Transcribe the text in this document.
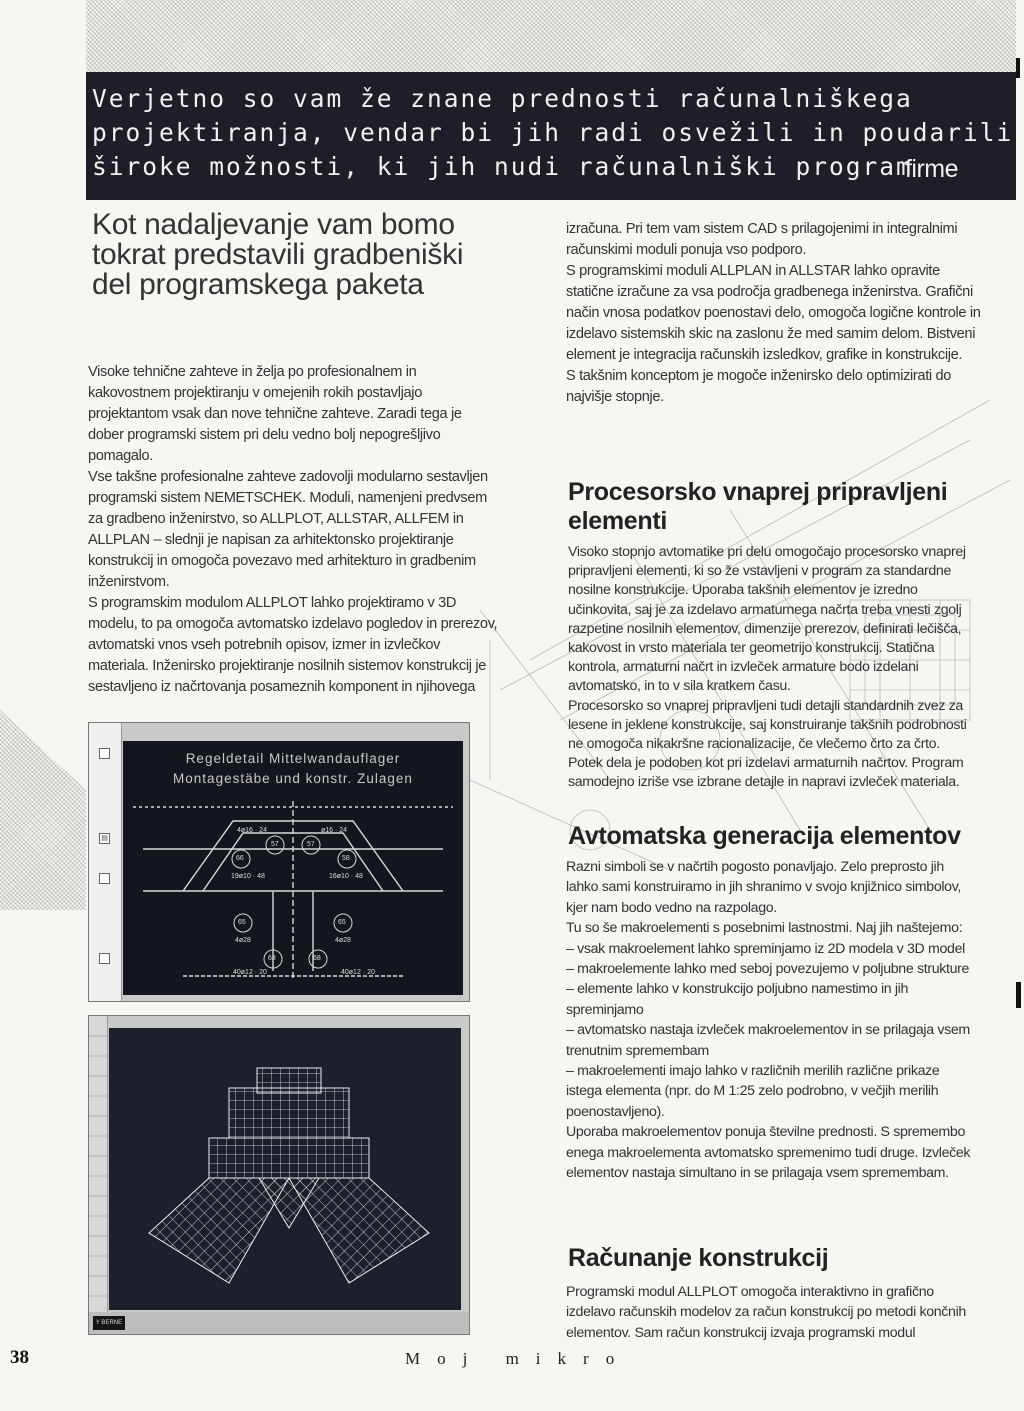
Verjetno so vam že znane prednosti računalniškega
projektiranja, vendar bi jih radi osvežili in poudarili
široke možnosti, ki jih nudi računalniški program
firme
Kot nadaljevanje vam bomo tokrat predstavili gradbeniški del programskega paketa

Visoke tehnične zahteve in želja po profesionalnem in kakovostnem projektiranju v omejenih rokih postavljajo projektantom vsak dan nove tehnične zahteve. Zaradi tega je dober programski sistem pri delu vedno bolj nepogrešljivo pomagalo.

Vse takšne profesionalne zahteve zadovolji modularno sestavljen programski sistem NEMETSCHEK. Moduli, namenjeni predvsem za gradbeno inženirstvo, so ALLPLOT, ALLSTAR, ALLFEM in ALLPLAN – slednji je napisan za arhitektonsko projektiranje konstrukcij in omogoča povezavo med arhitekturo in gradbenim inženirstvom.

S programskim modulom ALLPLOT lahko projektiramo v 3D modelu, to pa omogoča avtomatsko izdelavo pogledov in prerezov, avtomatski vnos vseh potrebnih opisov, izmer in izvlečkov materiala. Inženirsko projektiranje nosilnih sistemov konstrukcij je sestavljeno iz načrtovanja posameznih komponent in njihovega

izračuna. Pri tem vam sistem CAD s prilagojenimi in integralnimi računskimi moduli ponuja vso podporo.

S programskimi moduli ALLPLAN in ALLSTAR lahko opravite statične izračune za vsa področja gradbenega inženirstva. Grafični način vnosa podatkov poenostavi delo, omogoča logične kontrole in izdelavo sistemskih skic na zaslonu že med samim delom. Bistveni element je integracija računskih izsledkov, grafike in konstrukcije.

S takšnim konceptom je mogoče inženirsko delo optimizirati do najvišje stopnje.

Procesorsko vnaprej pripravljeni elementi

Visoko stopnjo avtomatike pri delu omogočajo procesorsko vnaprej pripravljeni elementi, ki so že vstavljeni v program za standardne nosilne konstrukcije. Uporaba takšnih elementov je izredno učinkovita, saj je za izdelavo armaturnega načrta treba vnesti zgolj razpetine nosilnih elementov, dimenzije prerezov, definirati lečišča, kakovost in vrsto materiala ter geometrijo konstrukcij. Statična kontrola, armaturni načrt in izvleček armature bodo izdelani avtomatsko, in to v sila kratkem času.

Procesorsko so vnaprej pripravljeni tudi detajli standardnih zvez za lesene in jeklene konstrukcije, saj konstruiranje takšnih podrobnosti ne omogoča nikakršne racionalizacije, če vlečemo črto za črto. Potek dela je podoben kot pri izdelavi armaturnih načrtov. Program samodejno izriše vse izbrane detajle in napravi izvleček materiala.

Avtomatska generacija elementov

Razni simboli se v načrtih pogosto ponavljajo. Zelo preprosto jih lahko sami konstruiramo in jih shranimo v svojo knjižnico simbolov, kjer nam bodo vedno na razpolago.

Tu so še makroelementi s posebnimi lastnostmi. Naj jih naštejemo:

– vsak makroelement lahko spreminjamo iz 2D modela v 3D model

– makroelemente lahko med seboj povezujemo v poljubne strukture

– elemente lahko v konstrukcijo poljubno namestimo in jih spreminjamo

– avtomatsko nastaja izvleček makroelementov in se prilagaja vsem trenutnim spremembam

– makroelementi imajo lahko v različnih merilih različne prikaze istega elementa (npr. do M 1:25 zelo podrobno, v večjih merilih poenostavljeno).

Uporaba makroelementov ponuja številne prednosti. S spremembo enega makroelementa avtomatsko spremenimo tudi druge. Izvleček elementov nastaja simultano in se prilagaja vsem spremembam.

Računanje konstrukcij

Programski modul ALLPLOT omogoča interaktivno in grafično izdelavo računskih modelov za račun konstrukcij po metodi končnih elementov. Sam račun konstrukcij izvaja programski modul

▤
Regeldetail Mittelwandauflager
Montagestäbe und konstr. Zulagen
4ø16 · 24
57	57
ø16 · 24
66	58
19ø10 · 48	16ø10 · 48
65	65
4ø28	4ø28
68	68
40ø12 · 20	40ø12 · 20
Y BERNE
38	Moj mikro
